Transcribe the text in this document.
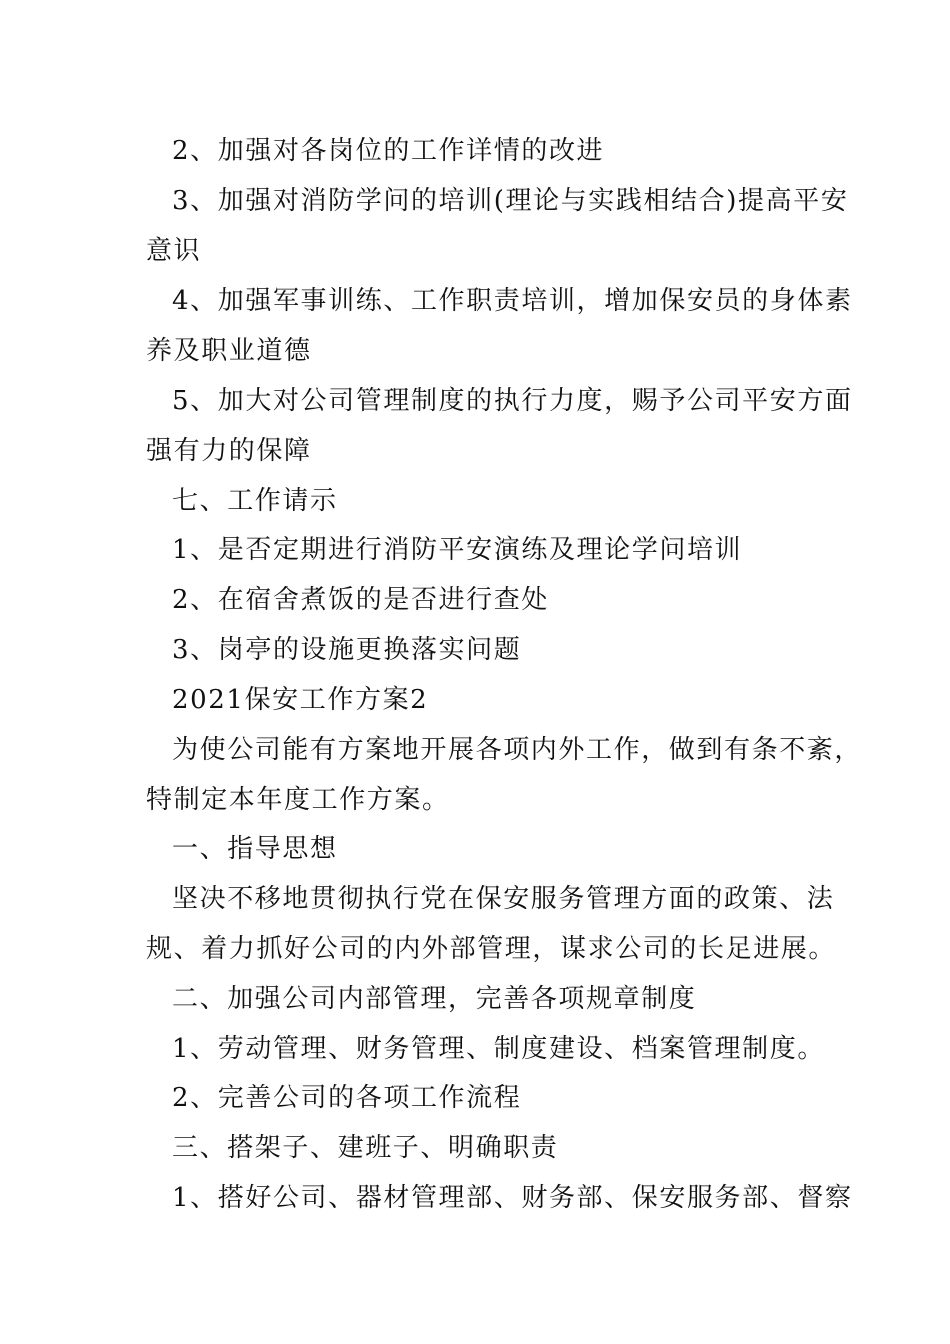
2、加强对各岗位的工作详情的改进
3、加强对消防学问的培训(理论与实践相结合)提高平安
意识
4、加强军事训练、工作职责培训，增加保安员的身体素
养及职业道德
5、加大对公司管理制度的执行力度，赐予公司平安方面
强有力的保障
七、工作请示
1、是否定期进行消防平安演练及理论学问培训
2、在宿舍煮饭的是否进行查处
3、岗亭的设施更换落实问题
2021保安工作方案2
为使公司能有方案地开展各项内外工作，做到有条不紊，
特制定本年度工作方案。
一、指导思想
坚决不移地贯彻执行党在保安服务管理方面的政策、法
规、着力抓好公司的内外部管理，谋求公司的长足进展。
二、加强公司内部管理，完善各项规章制度
1、劳动管理、财务管理、制度建设、档案管理制度。
2、完善公司的各项工作流程
三、搭架子、建班子、明确职责
1、搭好公司、器材管理部、财务部、保安服务部、督察
